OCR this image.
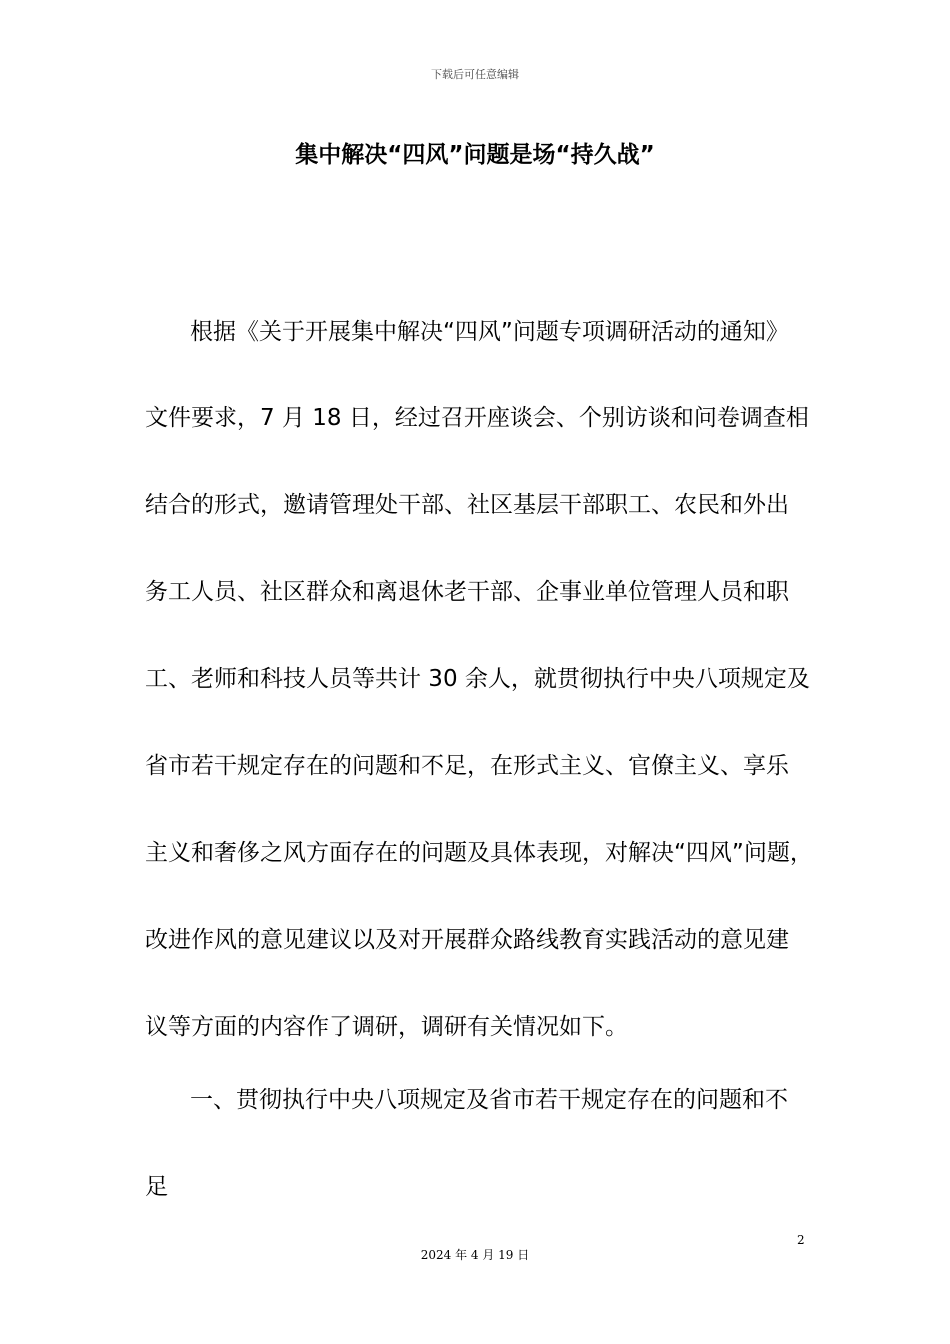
下载后可任意编辑
集中解决“四风”问题是场“持久战”
根据《关于开展集中解决“四风”问题专项调研活动的通知》
文件要求，7 月 18 日，经过召开座谈会、个别访谈和问卷调查相
结合的形式，邀请管理处干部、社区基层干部职工、农民和外出
务工人员、社区群众和离退休老干部、企事业单位管理人员和职
工、老师和科技人员等共计 30 余人，就贯彻执行中央八项规定及
省市若干规定存在的问题和不足，在形式主义、官僚主义、享乐
主义和奢侈之风方面存在的问题及具体表现，对解决“四风”问题，
改进作风的意见建议以及对开展群众路线教育实践活动的意见建
议等方面的内容作了调研，调研有关情况如下。
一、贯彻执行中央八项规定及省市若干规定存在的问题和不
足
2
2024 年 4 月 19 日
